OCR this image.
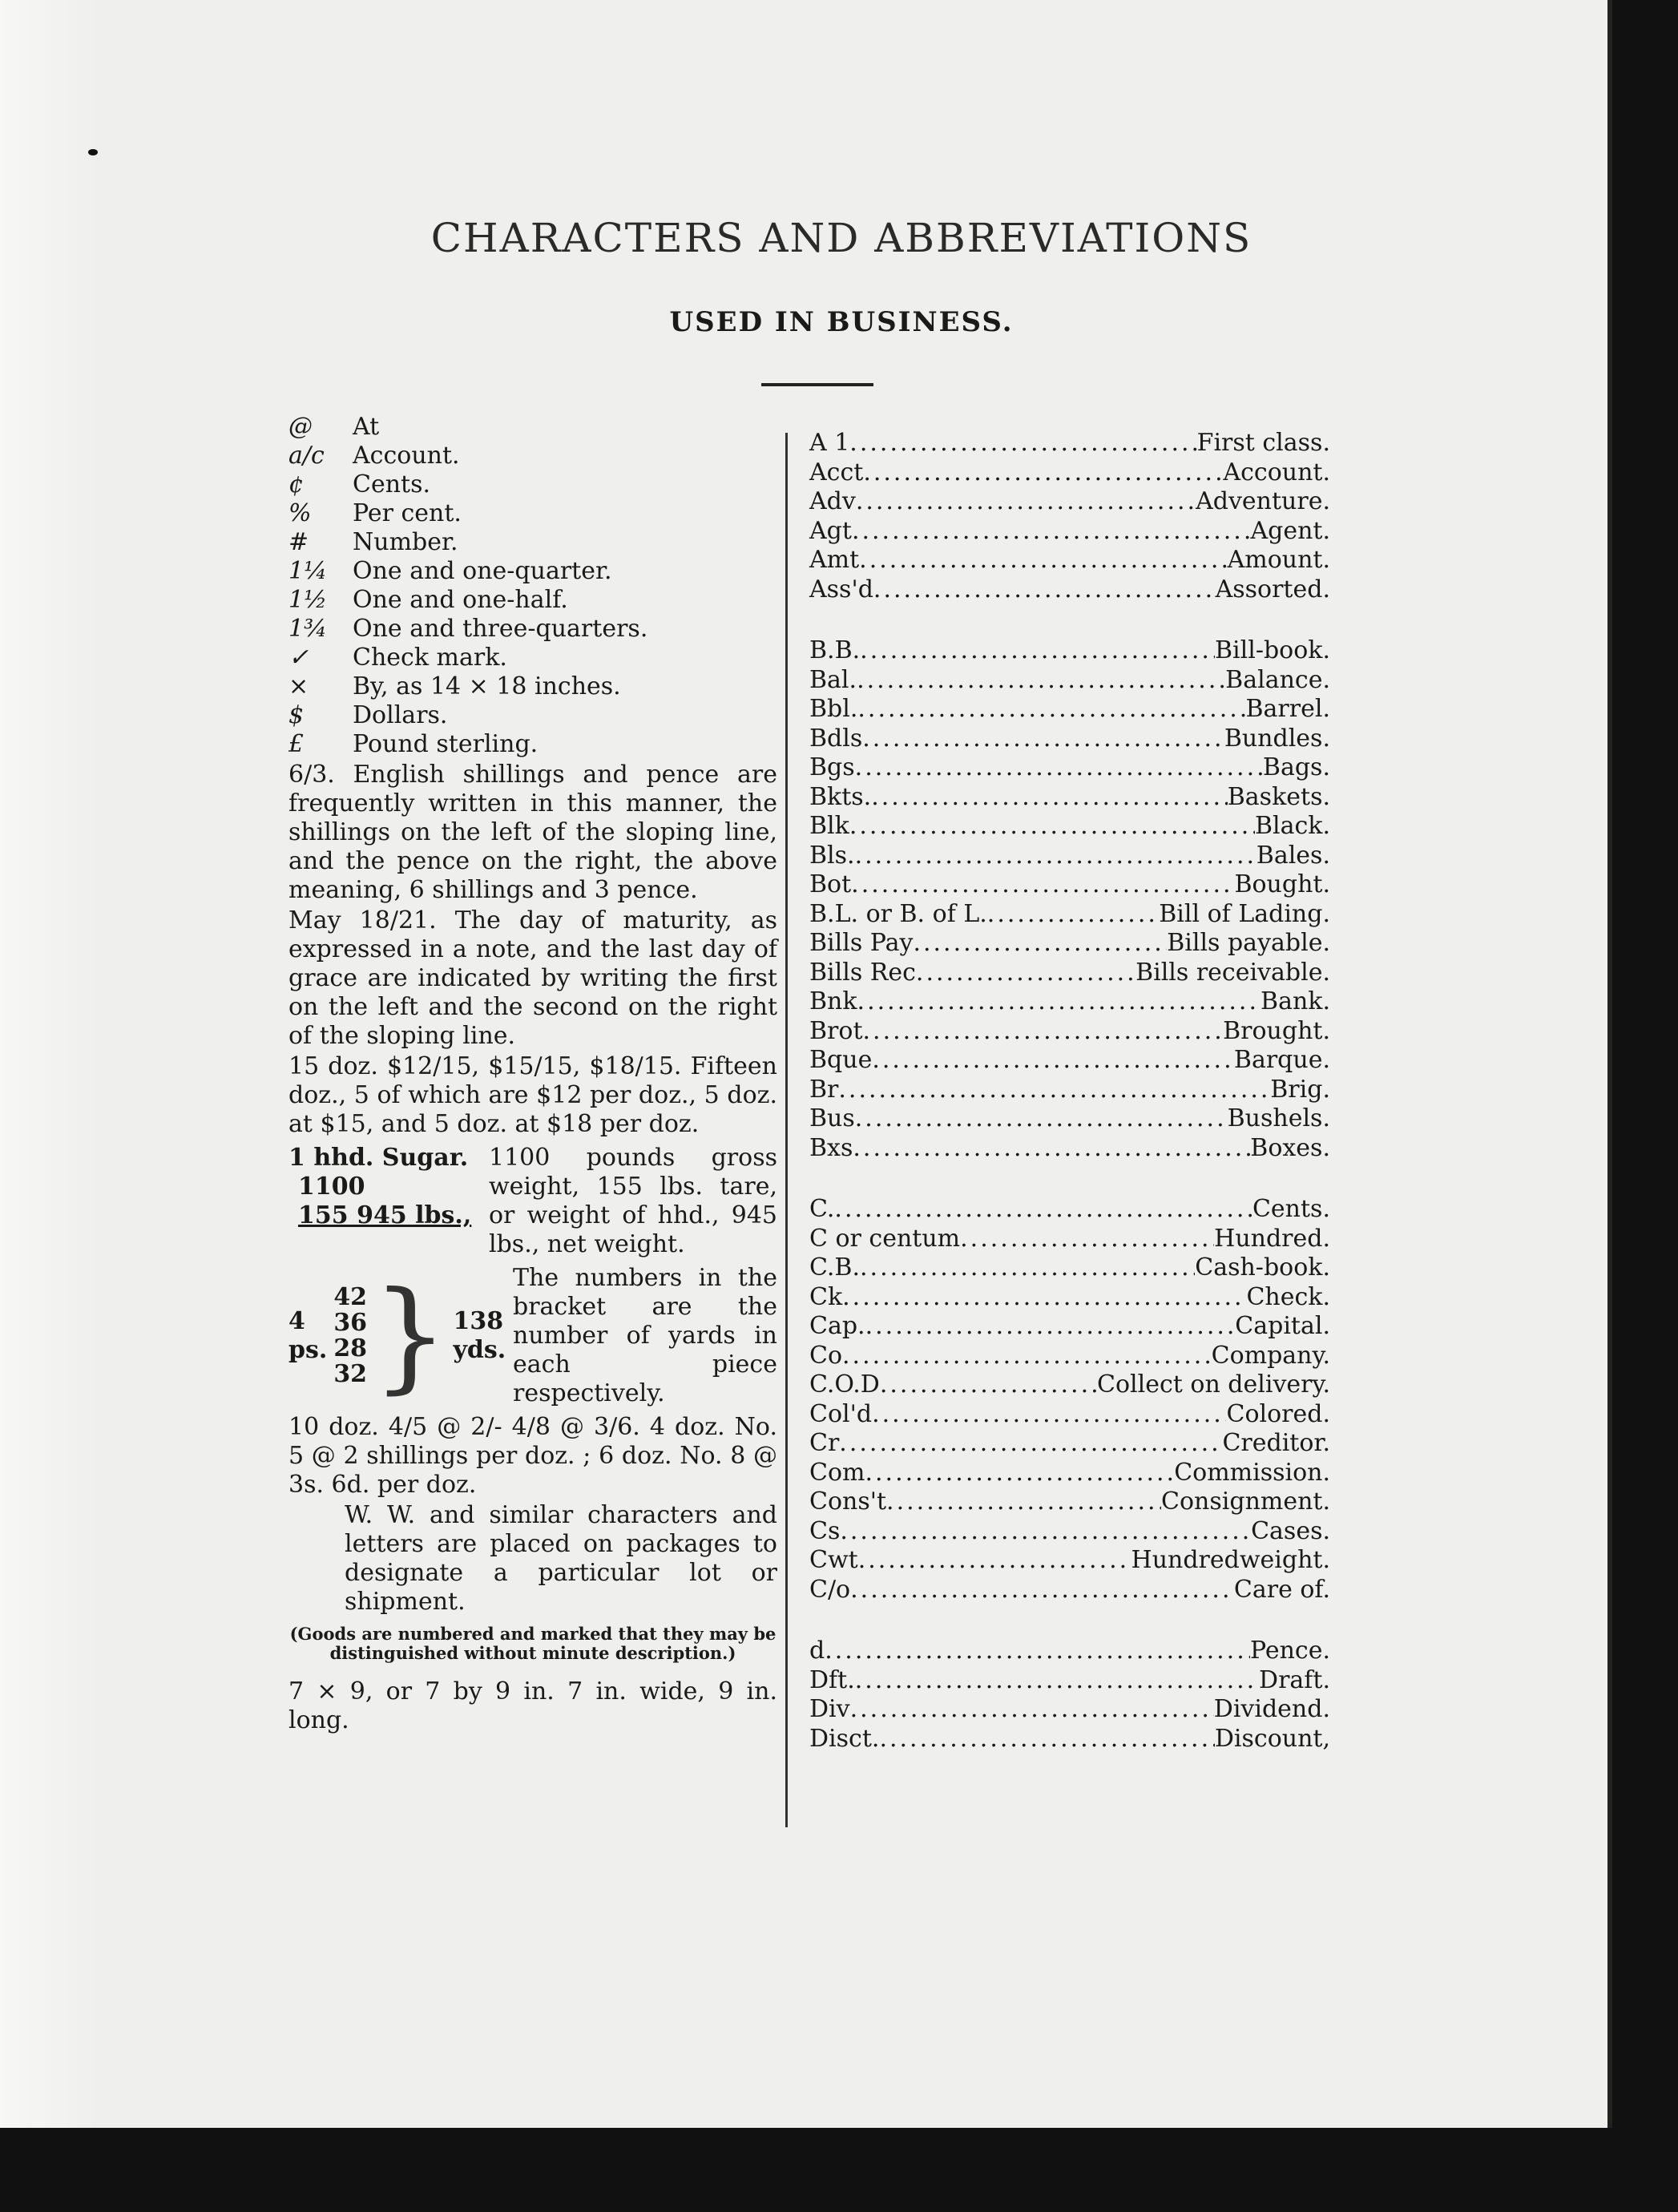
CHARACTERS AND ABBREVIATIONS
USED IN BUSINESS.
@	At
a/c	Account.
¢	Cents.
%	Per cent.
#	Number.
1¼	One and one-quarter.
1½	One and one-half.
1¾	One and three-quarters.
✓	Check mark.
×	By, as 14 × 18 inches.
$	Dollars.
£	Pound sterling.
6/3. English shillings and pence are frequently written in this manner, the shillings on the left of the sloping line, and the pence on the right, the above meaning, 6 shillings and 3 pence.
May 18/21. The day of maturity, as expressed in a note, and the last day of grace are indicated by writing the first on the left and the second on the right of the sloping line.
15 doz. $12/15, $15/15, $18/15. Fifteen doz., 5 of which are $12 per doz., 5 doz. at $15, and 5 doz. at $18 per doz.
1 hhd. Sugar.
1100
155 945 lbs.,
1100 pounds gross weight, 155 lbs. tare, or weight of hhd., 945 lbs., net weight.
4 ps.
42
36
28
32 } 138 yds.
The numbers in the bracket are the number of yards in each piece respectively.
10 doz. 4/5 @ 2/- 4/8 @ 3/6. 4 doz. No. 5 @ 2 shillings per doz. ; 6 doz. No. 8 @ 3s. 6d. per doz.
W. W. and similar characters and letters are placed on packages to designate a particular lot or shipment.
(Goods are numbered and marked that they may be distinguished without minute description.)
7 × 9, or 7 by 9 in. 7 in. wide, 9 in. long.
A 1 .....	First class.
Acct .....	Account.
Adv .....	Adventure.
Agt .....	Agent.
Amt .....	Amount.
Ass'd .....	Assorted.
B.B. .....	Bill-book.
Bal. .....	Balance.
Bbl. .....	Barrel.
Bdls .....	Bundles.
Bgs .....	Bags.
Bkts. .....	Baskets.
Blk .....	Black.
Bls. .....	Bales.
Bot .....	Bought.
B.L. or B. of L. .....	Bill of Lading.
Bills Pay .....	Bills payable.
Bills Rec .....	Bills receivable.
Bnk .....	Bank.
Brot .....	Brought.
Bque .....	Barque.
Br .....	Brig.
Bus .....	Bushels.
Bxs .....	Boxes.
C. .....	Cents.
C or centum .....	Hundred.
C.B. .....	Cash-book.
Ck .....	Check.
Cap. .....	Capital.
Co .....	Company.
C.O.D .....	Collect on delivery.
Col'd .....	Colored.
Cr .....	Creditor.
Com .....	Commission.
Cons't .....	Consignment.
Cs .....	Cases.
Cwt .....	Hundredweight.
C/o .....	Care of.
d .....	Pence.
Dft. .....	Draft.
Div .....	Dividend.
Disct. .....	Discount,
